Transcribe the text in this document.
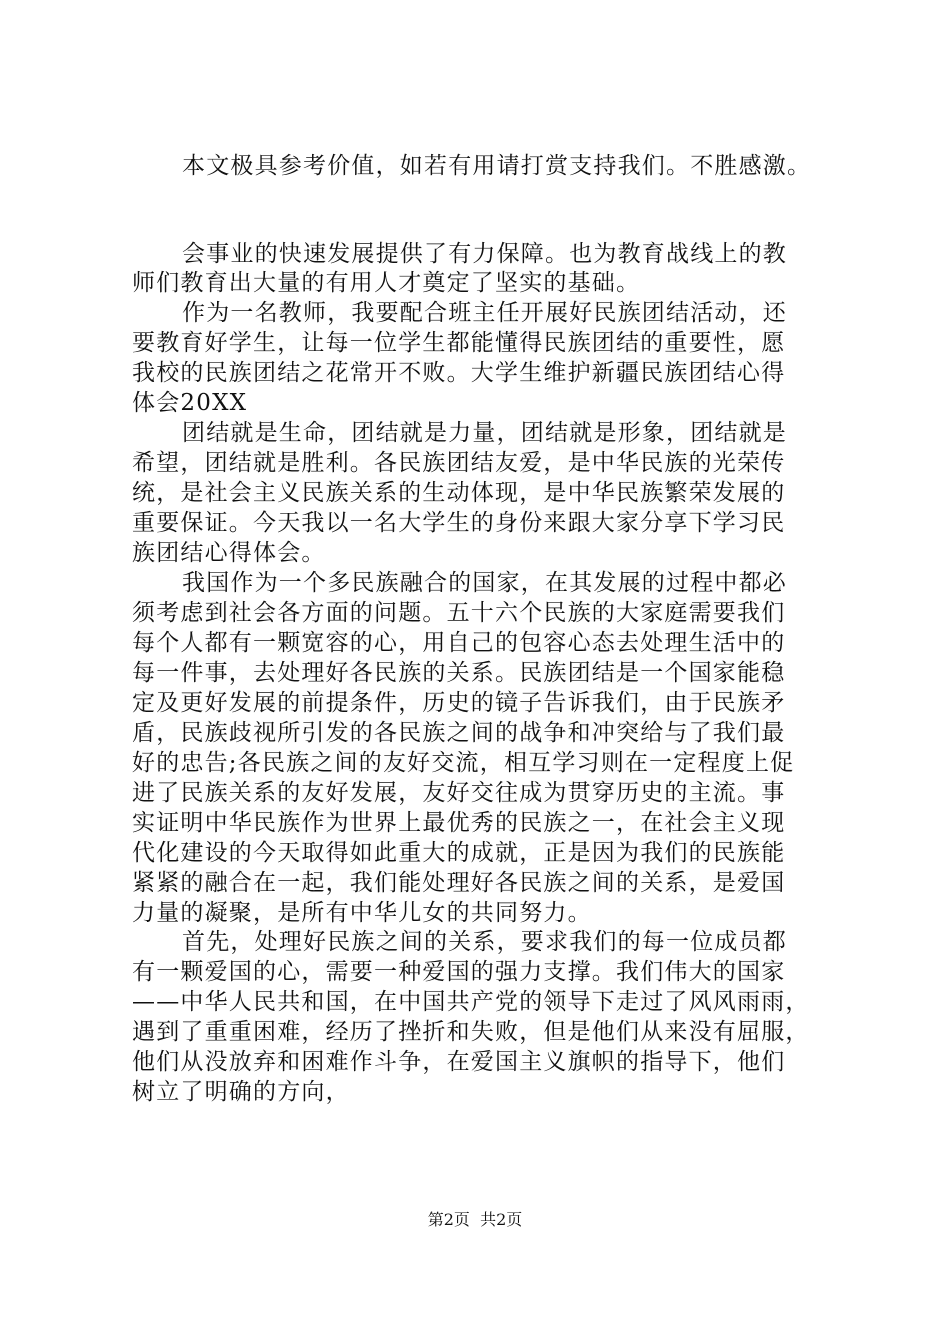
本文极具参考价值，如若有用请打赏支持我们。不胜感激。
会事业的快速发展提供了有力保障。也为教育战线上的教
师们教育出大量的有用人才奠定了坚实的基础。
作为一名教师，我要配合班主任开展好民族团结活动，还
要教育好学生，让每一位学生都能懂得民族团结的重要性，愿
我校的民族团结之花常开不败。大学生维护新疆民族团结心得
体会20XX
团结就是生命，团结就是力量，团结就是形象，团结就是
希望，团结就是胜利。各民族团结友爱，是中华民族的光荣传
统，是社会主义民族关系的生动体现，是中华民族繁荣发展的
重要保证。今天我以一名大学生的身份来跟大家分享下学习民
族团结心得体会。
我国作为一个多民族融合的国家，在其发展的过程中都必
须考虑到社会各方面的问题。五十六个民族的大家庭需要我们
每个人都有一颗宽容的心，用自己的包容心态去处理生活中的
每一件事，去处理好各民族的关系。民族团结是一个国家能稳
定及更好发展的前提条件，历史的镜子告诉我们，由于民族矛
盾，民族歧视所引发的各民族之间的战争和冲突给与了我们最
好的忠告;各民族之间的友好交流，相互学习则在一定程度上促
进了民族关系的友好发展，友好交往成为贯穿历史的主流。事
实证明中华民族作为世界上最优秀的民族之一，在社会主义现
代化建设的今天取得如此重大的成就，正是因为我们的民族能
紧紧的融合在一起，我们能处理好各民族之间的关系，是爱国
力量的凝聚，是所有中华儿女的共同努力。
首先，处理好民族之间的关系，要求我们的每一位成员都
有一颗爱国的心，需要一种爱国的强力支撑。我们伟大的国家
——中华人民共和国，在中国共产党的领导下走过了风风雨雨，
遇到了重重困难，经历了挫折和失败，但是他们从来没有屈服，
他们从没放弃和困难作斗争，在爱国主义旗帜的指导下，他们
树立了明确的方向，
第2页  共2页
